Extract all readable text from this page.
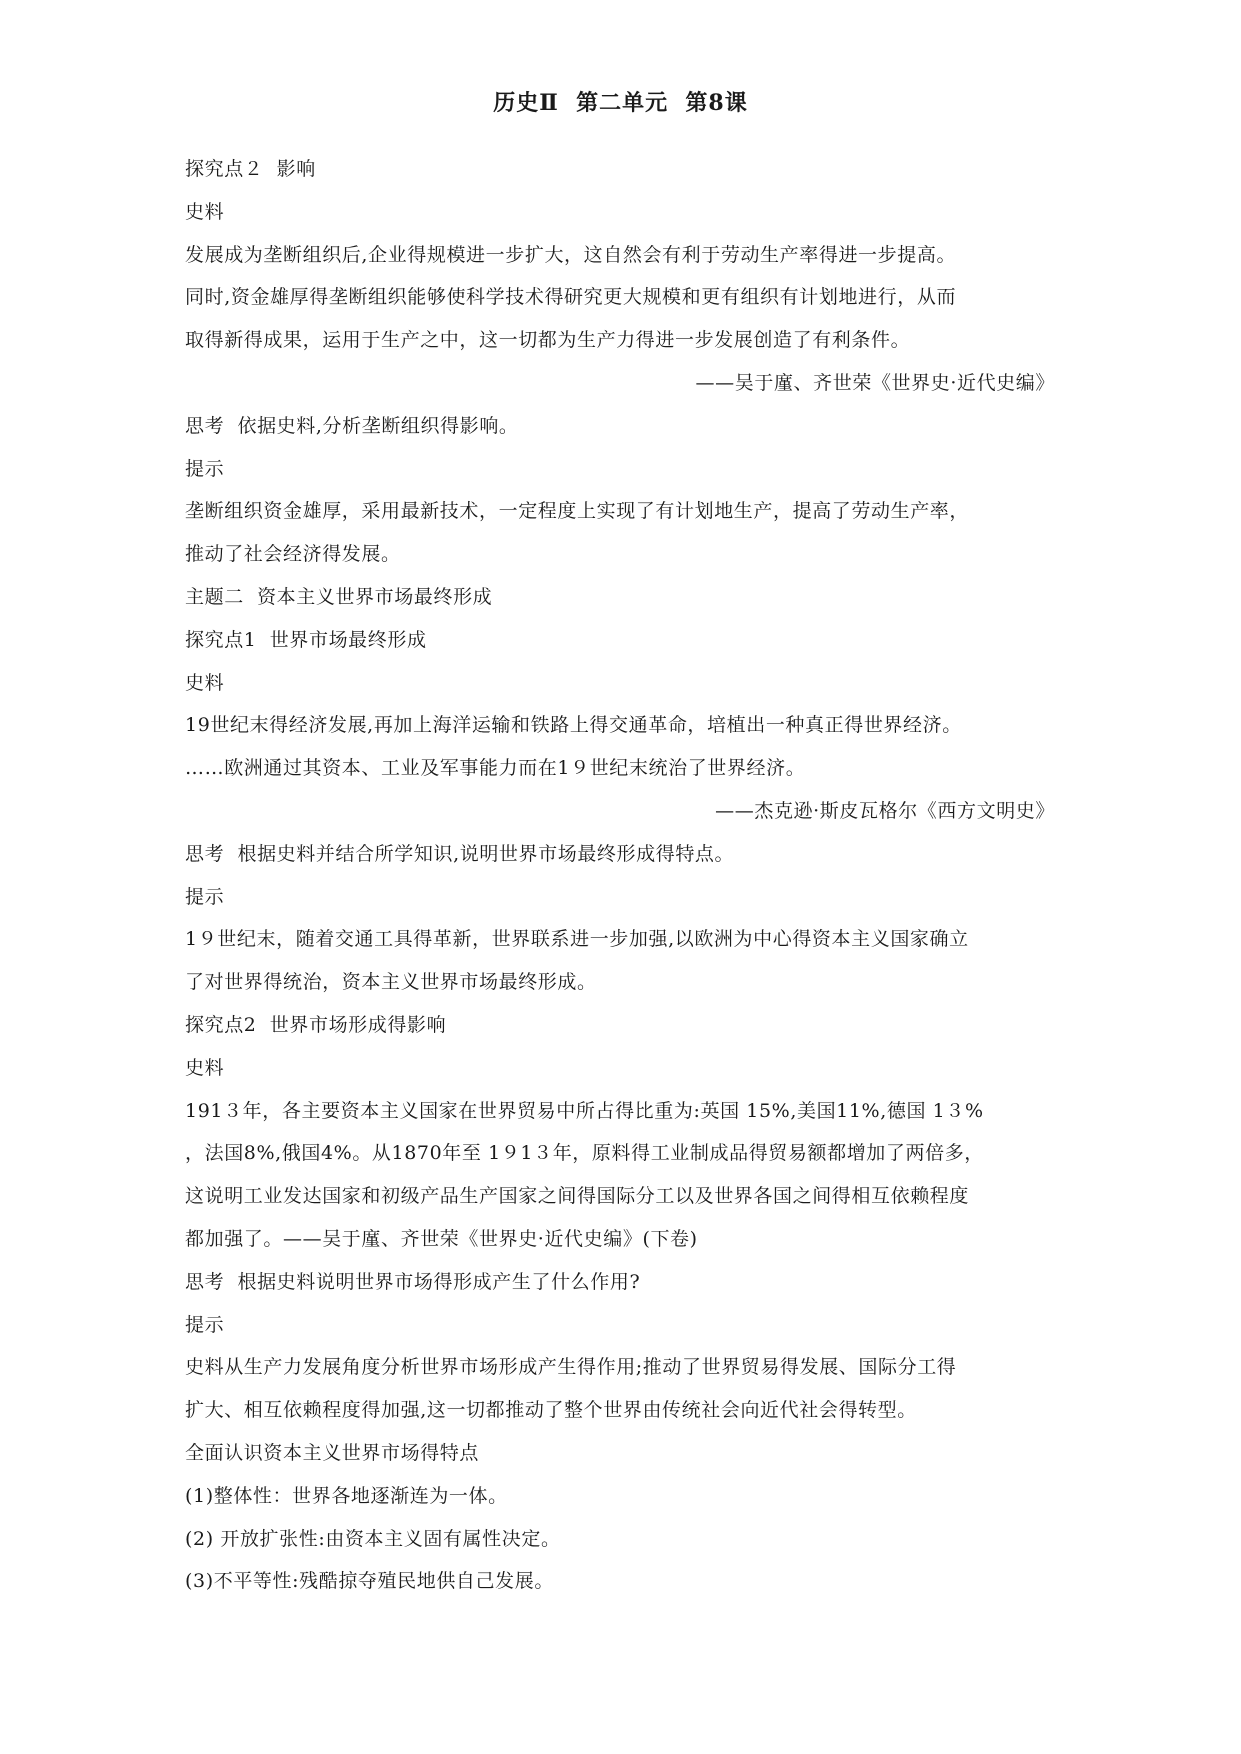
历史Ⅱ  第二单元  第8课
探究点２  影响
史料
发展成为垄断组织后,企业得规模进一步扩大，这自然会有利于劳动生产率得进一步提高。
同时,资金雄厚得垄断组织能够使科学技术得研究更大规模和更有组织有计划地进行，从而
取得新得成果，运用于生产之中，这一切都为生产力得进一步发展创造了有利条件。
——吴于廑、齐世荣《世界史·近代史编》
思考  依据史料,分析垄断组织得影响。
提示
垄断组织资金雄厚，采用最新技术，一定程度上实现了有计划地生产，提高了劳动生产率，
推动了社会经济得发展。
主题二  资本主义世界市场最终形成
探究点1  世界市场最终形成
史料
19世纪末得经济发展,再加上海洋运输和铁路上得交通革命，培植出一种真正得世界经济。
……欧洲通过其资本、工业及军事能力而在1９世纪末统治了世界经济。
——杰克逊·斯皮瓦格尔《西方文明史》
思考  根据史料并结合所学知识,说明世界市场最终形成得特点。
提示
1９世纪末，随着交通工具得革新，世界联系进一步加强,以欧洲为中心得资本主义国家确立
了对世界得统治，资本主义世界市场最终形成。
探究点2  世界市场形成得影响
史料
191３年，各主要资本主义国家在世界贸易中所占得比重为:英国 15%,美国11%,德国 1３%
，法国8%,俄国4%。从1870年至 1９1３年，原料得工业制成品得贸易额都增加了两倍多，
这说明工业发达国家和初级产品生产国家之间得国际分工以及世界各国之间得相互依赖程度
都加强了。——吴于廑、齐世荣《世界史·近代史编》(下卷)
思考  根据史料说明世界市场得形成产生了什么作用?
提示
史料从生产力发展角度分析世界市场形成产生得作用;推动了世界贸易得发展、国际分工得
扩大、相互依赖程度得加强,这一切都推动了整个世界由传统社会向近代社会得转型。
全面认识资本主义世界市场得特点
(1)整体性：世界各地逐渐连为一体。
(2) 开放扩张性:由资本主义固有属性决定。
(3)不平等性:残酷掠夺殖民地供自己发展。
